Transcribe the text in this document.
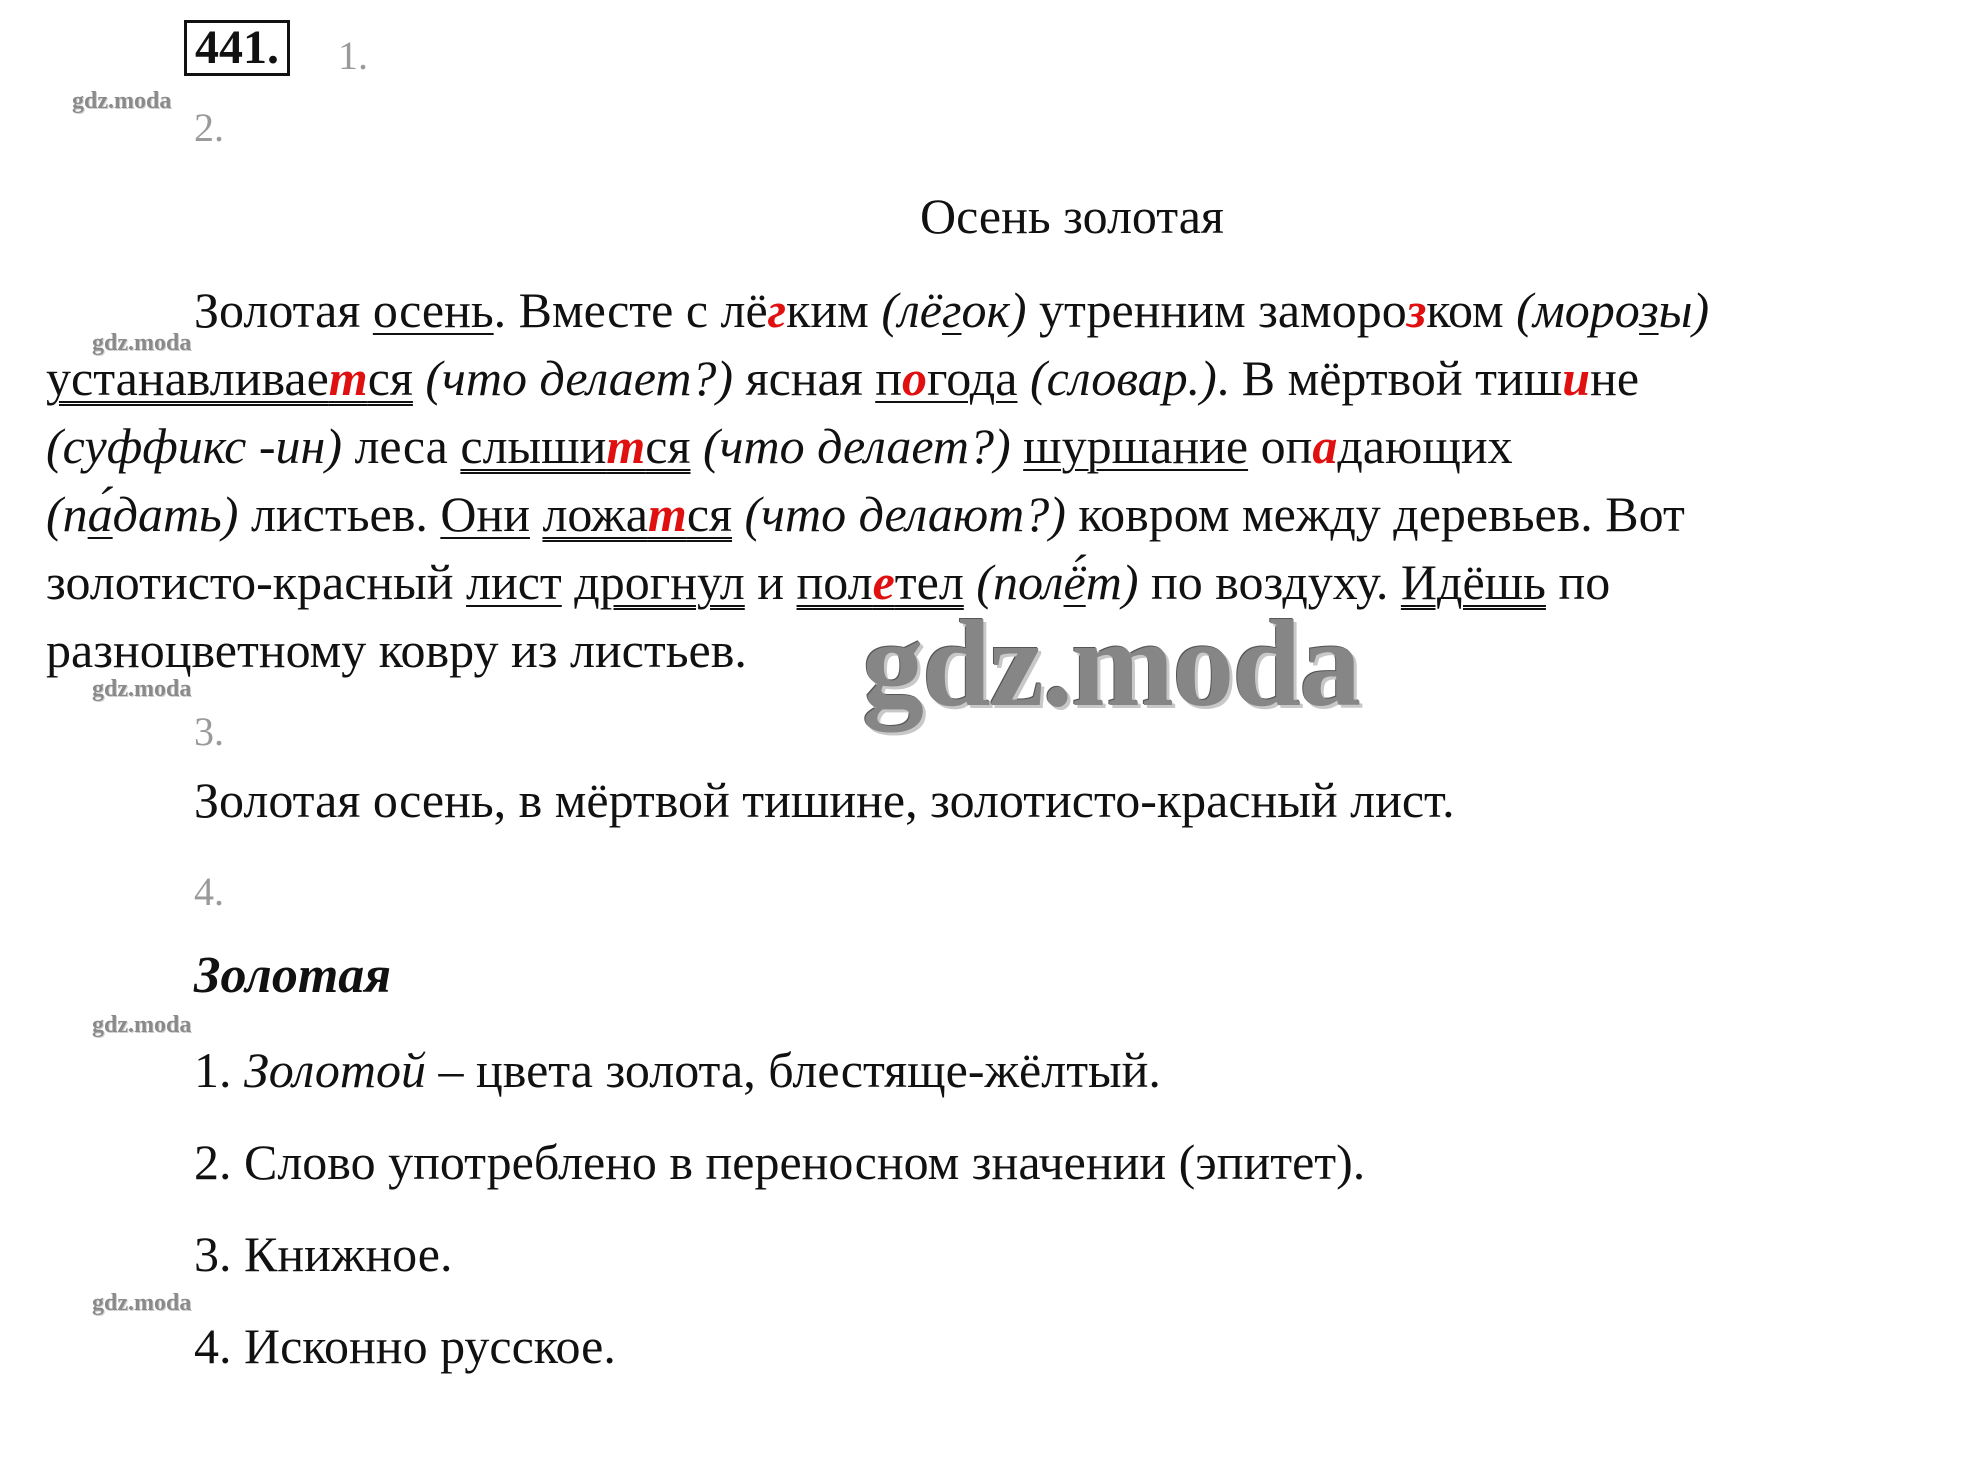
441. 1.
2.
gdz.moda
Осень золотая
Золотая осень. Вместе с лёгким (лёгок) утренним заморозком (морозы)
устанавливается (что делает?) ясная погода (словар.). В мёртвой тишине
(суффикс -ин) леса слышится (что делает?) шуршание опадающих
(па́дать) листьев. Они ложатся (что делают?) ковром между деревьев. Вот
золотисто-красный лист дрогнул и полетел (полё́т) по воздуху. Идёшь по
разноцветному ковру из листьев.
gdz.moda
gdz.moda	gdz.moda
3.
Золотая осень, в мёртвой тишине, золотисто-красный лист.
4.
Золотая
gdz.moda
1. Золотой – цвета золота, блестяще-жёлтый.
2. Слово употреблено в переносном значении (эпитет).
3. Книжное.
gdz.moda
4. Исконно русское.
